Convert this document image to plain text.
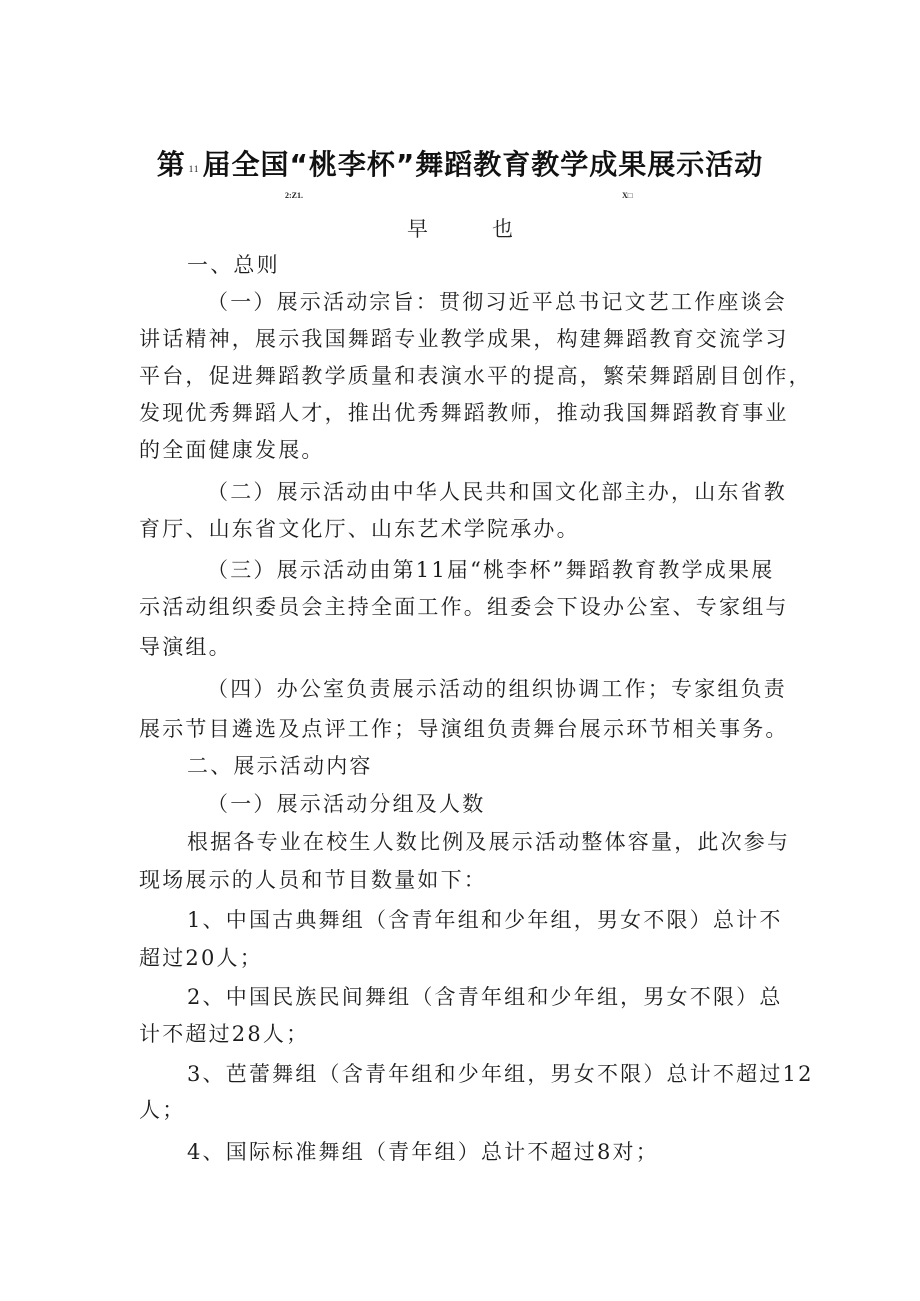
第 $^{11}$ 届全国“桃李杯”舞蹈教育教学成果展示活动
2:Z1.	X□
早	也
一、总则
（一）展示活动宗旨：贯彻习近平总书记文艺工作座谈会
讲话精神，展示我国舞蹈专业教学成果，构建舞蹈教育交流学习
平台，促进舞蹈教学质量和表演水平的提高，繁荣舞蹈剧目创作，
发现优秀舞蹈人才，推出优秀舞蹈教师，推动我国舞蹈教育事业
的全面健康发展。
（二）展示活动由中华人民共和国文化部主办，山东省教
育厅、山东省文化厅、山东艺术学院承办。
（三）展示活动由第11届“桃李杯”舞蹈教育教学成果展
示活动组织委员会主持全面工作。组委会下设办公室、专家组与
导演组。
（四）办公室负责展示活动的组织协调工作；专家组负责
展示节目遴选及点评工作；导演组负责舞台展示环节相关事务。
二、展示活动内容
（一）展示活动分组及人数
根据各专业在校生人数比例及展示活动整体容量，此次参与
现场展示的人员和节目数量如下：
1、中国古典舞组（含青年组和少年组，男女不限）总计不
超过20人；
2、中国民族民间舞组（含青年组和少年组，男女不限）总
计不超过28人；
3、芭蕾舞组（含青年组和少年组，男女不限）总计不超过12
人；
4、国际标准舞组（青年组）总计不超过8对；
